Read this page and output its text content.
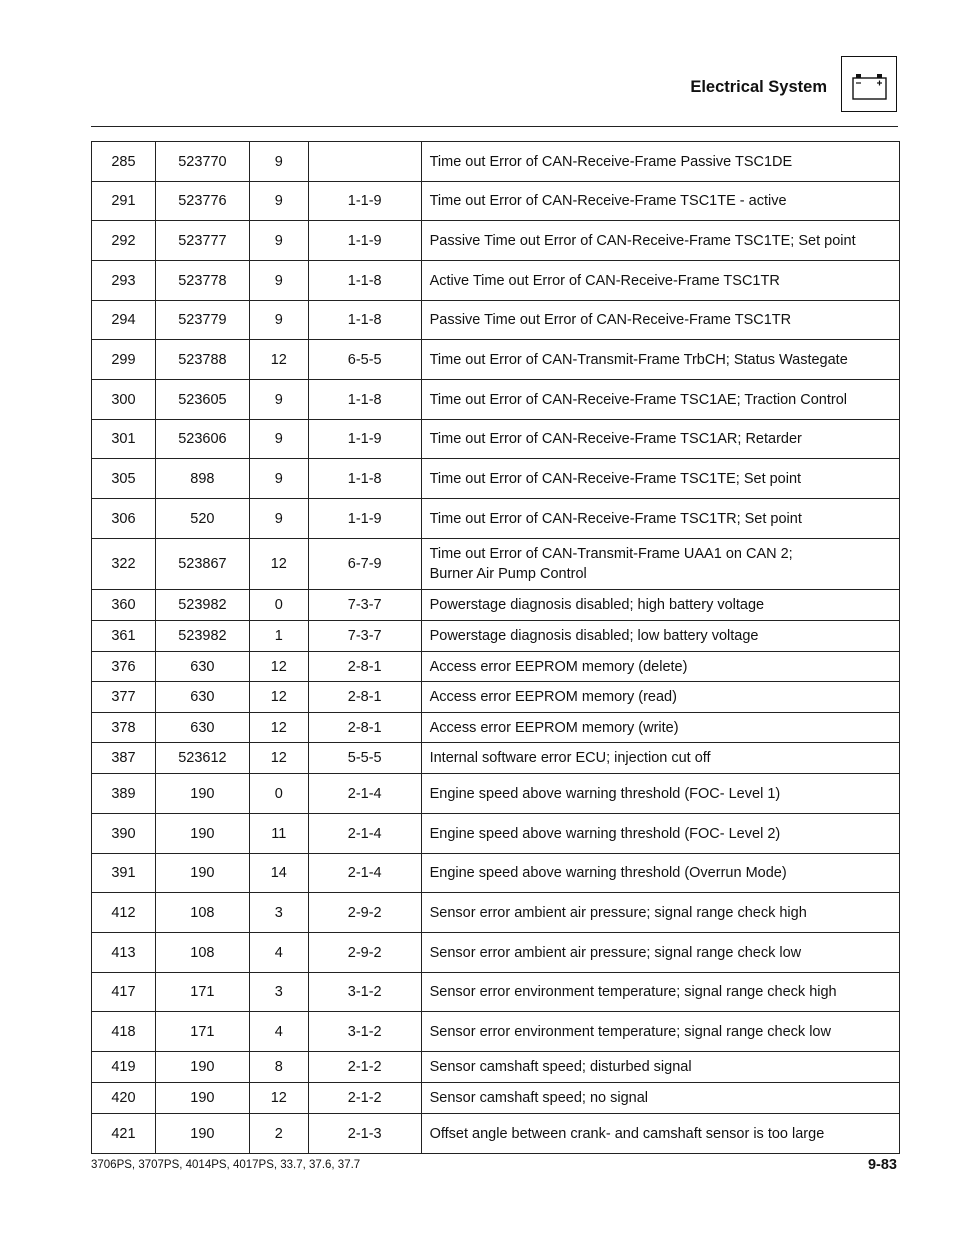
Electrical System
285	523770	9		Time out Error of CAN-Receive-Frame Passive TSC1DE

291	523776	9	1-1-9	Time out Error of CAN-Receive-Frame TSC1TE - active

292	523777	9	1-1-9	Passive Time out Error of CAN-Receive-Frame TSC1TE; Set point

293	523778	9	1-1-8	Active Time out Error of CAN-Receive-Frame TSC1TR

294	523779	9	1-1-8	Passive Time out Error of CAN-Receive-Frame TSC1TR

299	523788	12	6-5-5	Time out Error of CAN-Transmit-Frame TrbCH; Status Wastegate

300	523605	9	1-1-8	Time out Error of CAN-Receive-Frame TSC1AE; Traction Control

301	523606	9	1-1-9	Time out Error of CAN-Receive-Frame TSC1AR; Retarder

305	898	9	1-1-8	Time out Error of CAN-Receive-Frame TSC1TE; Set point

306	520	9	1-1-9	Time out Error of CAN-Receive-Frame TSC1TR; Set point

322	523867	12	6-7-9	Time out Error of CAN-Transmit-Frame UAA1 on CAN 2;
Burner Air Pump Control

360	523982	0	7-3-7	Powerstage diagnosis disabled; high battery voltage

361	523982	1	7-3-7	Powerstage diagnosis disabled; low battery voltage

376	630	12	2-8-1	Access error EEPROM memory (delete)

377	630	12	2-8-1	Access error EEPROM memory (read)

378	630	12	2-8-1	Access error EEPROM memory (write)

387	523612	12	5-5-5	Internal software error ECU; injection cut off

389	190	0	2-1-4	Engine speed above warning threshold (FOC- Level 1)

390	190	11	2-1-4	Engine speed above warning threshold (FOC- Level 2)

391	190	14	2-1-4	Engine speed above warning threshold (Overrun Mode)

412	108	3	2-9-2	Sensor error ambient air pressure; signal range check high

413	108	4	2-9-2	Sensor error ambient air pressure; signal range check low

417	171	3	3-1-2	Sensor error environment temperature; signal range check high

418	171	4	3-1-2	Sensor error environment temperature; signal range check low

419	190	8	2-1-2	Sensor camshaft speed; disturbed signal

420	190	12	2-1-2	Sensor camshaft speed; no signal

421	190	2	2-1-3	Offset angle between crank- and camshaft sensor is too large
3706PS, 3707PS, 4014PS, 4017PS, 33.7, 37.6, 37.7	9-83
